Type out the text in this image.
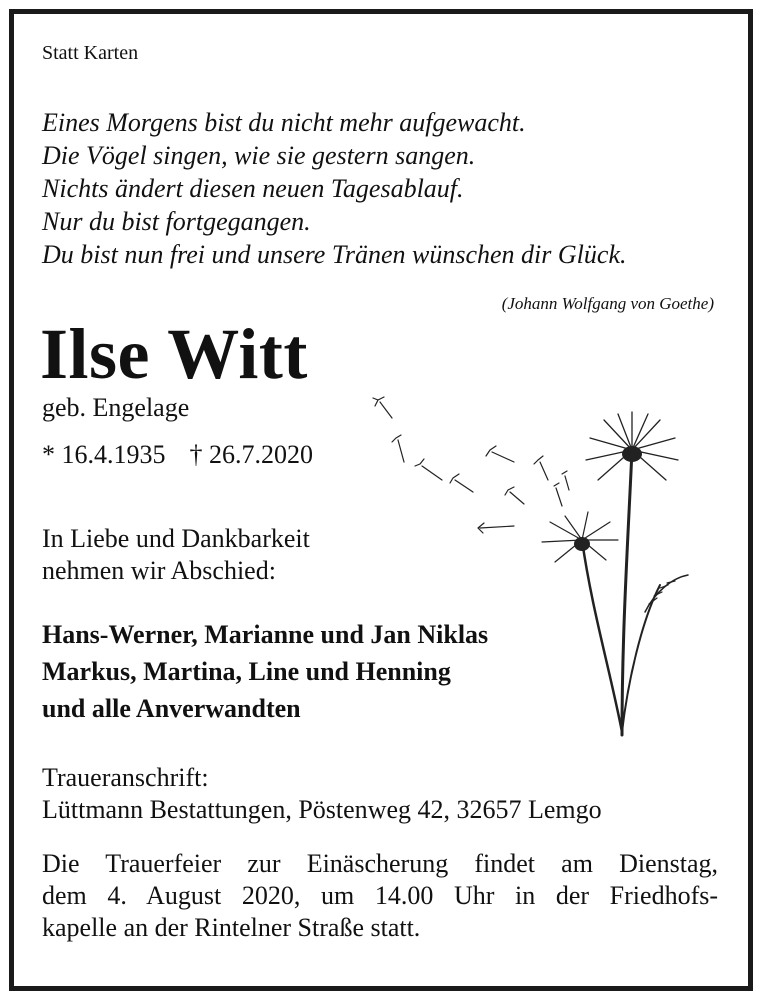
Statt Karten
Eines Morgens bist du nicht mehr aufgewacht.
Die Vögel singen, wie sie gestern sangen.
Nichts ändert diesen neuen Tagesablauf.
Nur du bist fortgegangen.
Du bist nun frei und unsere Tränen wünschen dir Glück.
(Johann Wolfgang von Goethe)
Ilse Witt
geb. Engelage
* 16.4.1935 † 26.7.2020
In Liebe und Dankbarkeit
nehmen wir Abschied:
Hans-Werner, Marianne und Jan Niklas
Markus, Martina, Line und Henning
und alle Anverwandten
Traueranschrift:
Lüttmann Bestattungen, Pöstenweg 42, 32657 Lemgo
Die Trauerfeier zur Einäscherung findet am Dienstag,
dem 4. August 2020, um 14.00 Uhr in der Friedhofs-
kapelle an der Rintelner Straße statt.
